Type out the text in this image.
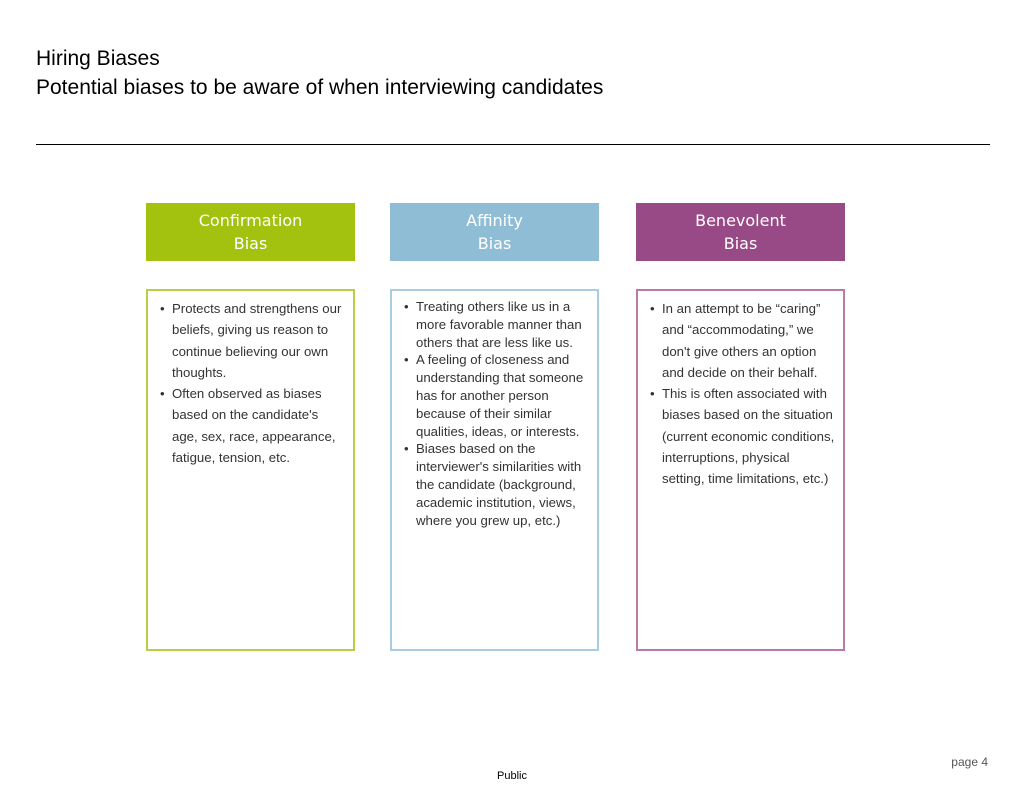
Hiring Biases
Potential biases to be aware of when interviewing candidates
Confirmation
Bias
• Protects and strengthens our beliefs, giving us reason to continue believing our own thoughts.
• Often observed as biases based on the candidate's age, sex, race, appearance, fatigue, tension, etc.
Affinity
Bias
• Treating others like us in a more favorable manner than others that are less like us.
• A feeling of closeness and understanding that someone has for another person because of their similar qualities, ideas, or interests.
• Biases based on the interviewer's similarities with the candidate (background, academic institution, views, where you grew up, etc.)
Benevolent
Bias
• In an attempt to be “caring” and “accommodating,” we don't give others an option and decide on their behalf.
• This is often associated with biases based on the situation (current economic conditions, interruptions, physical setting, time limitations, etc.)
page 4
Public
